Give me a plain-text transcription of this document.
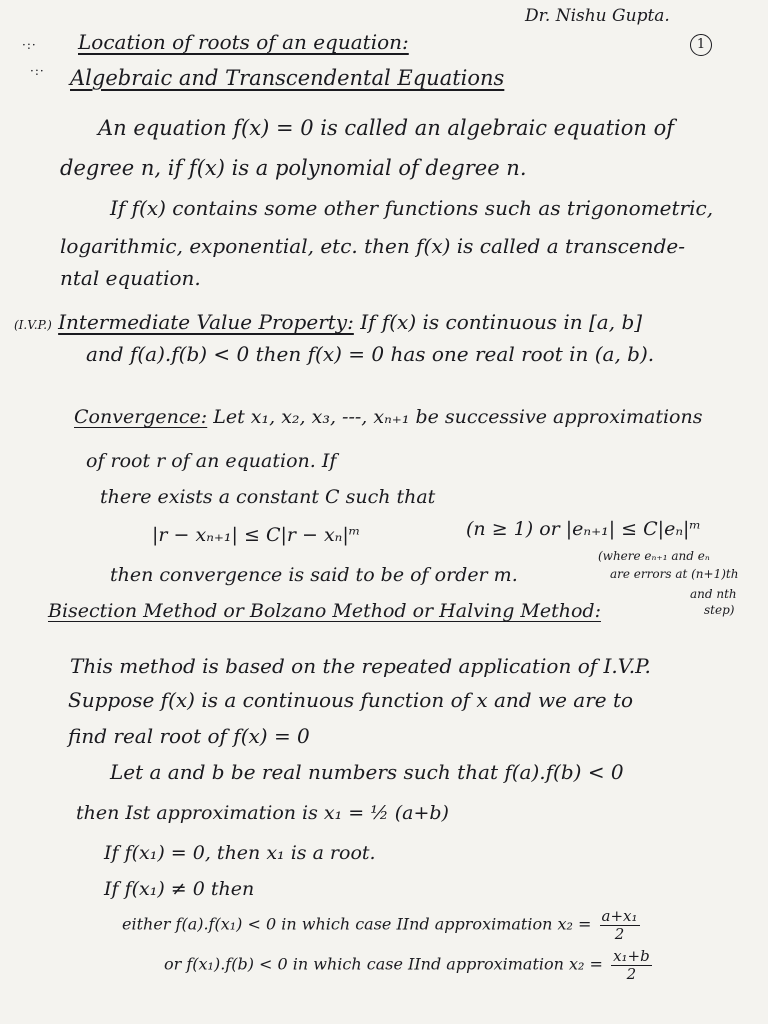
·:·
·:·
Dr. Nishu Gupta.
1
Location of roots of an equation:
Algebraic and Transcendental Equations
An equation f(x) = 0 is called an algebraic equation of
degree n, if f(x) is a polynomial of degree n.
If f(x) contains some other functions such as trigonometric,
logarithmic, exponential, etc. then f(x) is called a transcende-
ntal equation.
(I.V.P.) Intermediate Value Property: If f(x) is continuous in [a, b]
and f(a).f(b) < 0 then f(x) = 0 has one real root in (a, b).
Convergence: Let x₁, x₂, x₃, ---, xₙ₊₁ be successive approximations
of root r of an equation. If
there exists a constant C such that
|r − xₙ₊₁| ≤ C|r − xₙ|ᵐ	(n ≥ 1) or |eₙ₊₁| ≤ C|eₙ|ᵐ
then convergence is said to be of order m.
(where eₙ₊₁ and eₙ
are errors at (n+1)th
and nth
step)
Bisection Method or Bolzano Method or Halving Method:
This method is based on the repeated application of I.V.P.
Suppose f(x) is a continuous function of x and we are to
find real root of f(x) = 0
Let a and b be real numbers such that f(a).f(b) < 0
then Ist approximation is x₁ = ½ (a+b)
If f(x₁) = 0, then x₁ is a root.
If f(x₁) ≠ 0 then
either f(a).f(x₁) < 0 in which case IInd approximation $x_2 = \frac{\text{a+x₁}}{2}$
or f(x₁).f(b) < 0 in which case IInd approximation $x_2 = \frac{\text{x₁+b}}{2}$
